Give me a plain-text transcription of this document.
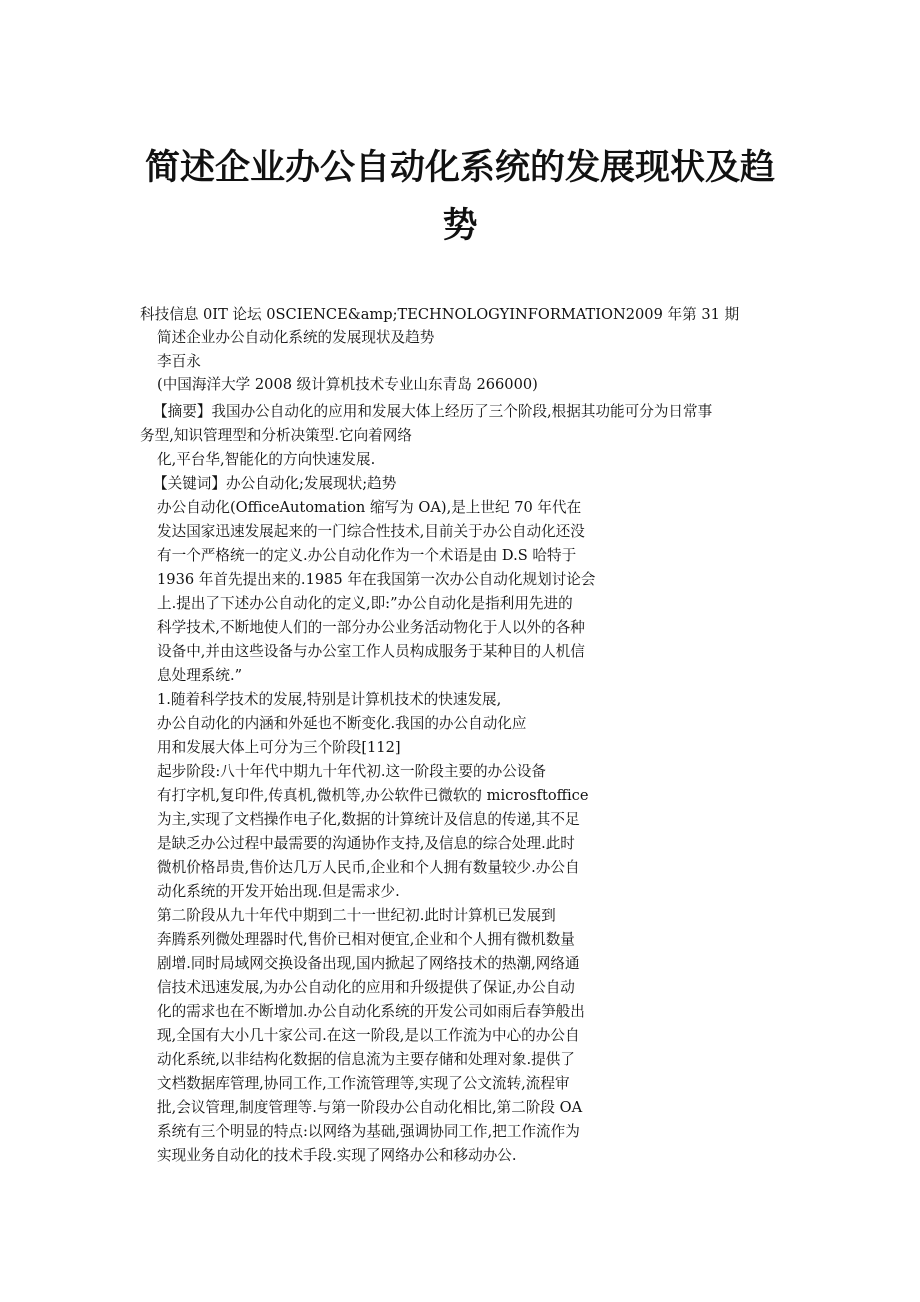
简述企业办公自动化系统的发展现状及趋
势
科技信息 0IT 论坛 0SCIENCE&amp;TECHNOLOGYINFORMATION2009 年第 31 期
简述企业办公自动化系统的发展现状及趋势
李百永
(中国海洋大学 2008 级计算机技术专业山东青岛 266000)
【摘要】我国办公自动化的应用和发展大体上经历了三个阶段,根据其功能可分为日常事
务型,知识管理型和分析决策型.它向着网络
化,平台华,智能化的方向快速发展.
【关键词】办公自动化;发展现状;趋势
办公自动化(OfficeAutomation 缩写为 OA),是上世纪 70 年代在
发达国家迅速发展起来的一门综合性技术,目前关于办公自动化还没
有一个严格统一的定义.办公自动化作为一个术语是由 D.S 哈特于
1936 年首先提出来的.1985 年在我国第一次办公自动化规划讨论会
上.提出了下述办公自动化的定义,即:”办公自动化是指利用先进的
科学技术,不断地使人们的一部分办公业务活动物化于人以外的各种
设备中,并由这些设备与办公室工作人员构成服务于某种目的人机信
息处理系统.”
1.随着科学技术的发展,特别是计算机技术的快速发展,
办公自动化的内涵和外延也不断变化.我国的办公自动化应
用和发展大体上可分为三个阶段[112]
起步阶段:八十年代中期九十年代初.这一阶段主要的办公设备
有打字机,复印件,传真机,微机等,办公软件已微软的 microsftoffice
为主,实现了文档操作电子化,数据的计算统计及信息的传递,其不足
是缺乏办公过程中最需要的沟通协作支持,及信息的综合处理.此时
微机价格昂贵,售价达几万人民币,企业和个人拥有数量较少.办公自
动化系统的开发开始出现.但是需求少.
第二阶段从九十年代中期到二十一世纪初.此时计算机已发展到
奔腾系列微处理器时代,售价已相对便宜,企业和个人拥有微机数量
剧增.同时局域网交换设备出现,国内掀起了网络技术的热潮,网络通
信技术迅速发展,为办公自动化的应用和升级提供了保证,办公自动
化的需求也在不断增加.办公自动化系统的开发公司如雨后春笋般出
现,全国有大小几十家公司.在这一阶段,是以工作流为中心的办公自
动化系统,以非结构化数据的信息流为主要存储和处理对象.提供了
文档数据库管理,协同工作,工作流管理等,实现了公文流转,流程审
批,会议管理,制度管理等.与第一阶段办公自动化相比,第二阶段 OA
系统有三个明显的特点:以网络为基础,强调协同工作,把工作流作为
实现业务自动化的技术手段.实现了网络办公和移动办公.
